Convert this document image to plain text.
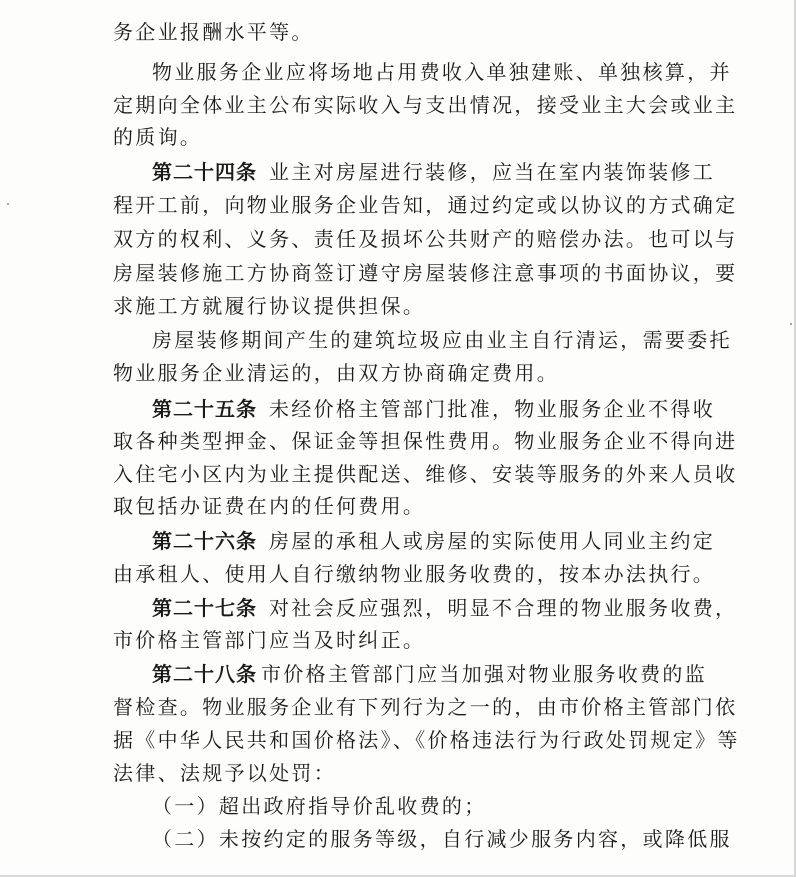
务企业报酬水平等。
物业服务企业应将场地占用费收入单独建账、单独核算，并
定期向全体业主公布实际收入与支出情况，接受业主大会或业主
的质询。
第二十四条 业主对房屋进行装修，应当在室内装饰装修工
程开工前，向物业服务企业告知，通过约定或以协议的方式确定
双方的权利、义务、责任及损坏公共财产的赔偿办法。也可以与
房屋装修施工方协商签订遵守房屋装修注意事项的书面协议，要
求施工方就履行协议提供担保。
房屋装修期间产生的建筑垃圾应由业主自行清运，需要委托
物业服务企业清运的，由双方协商确定费用。
第二十五条 未经价格主管部门批准，物业服务企业不得收
取各种类型押金、保证金等担保性费用。物业服务企业不得向进
入住宅小区内为业主提供配送、维修、安装等服务的外来人员收
取包括办证费在内的任何费用。
第二十六条 房屋的承租人或房屋的实际使用人同业主约定
由承租人、使用人自行缴纳物业服务收费的，按本办法执行。
第二十七条 对社会反应强烈，明显不合理的物业服务收费，
市价格主管部门应当及时纠正。
第二十八条 市价格主管部门应当加强对物业服务收费的监
督检查。物业服务企业有下列行为之一的，由市价格主管部门依
据《中华人民共和国价格法》、《价格违法行为行政处罚规定》等
法律、法规予以处罚：
（一）超出政府指导价乱收费的；
（二）未按约定的服务等级，自行减少服务内容，或降低服
